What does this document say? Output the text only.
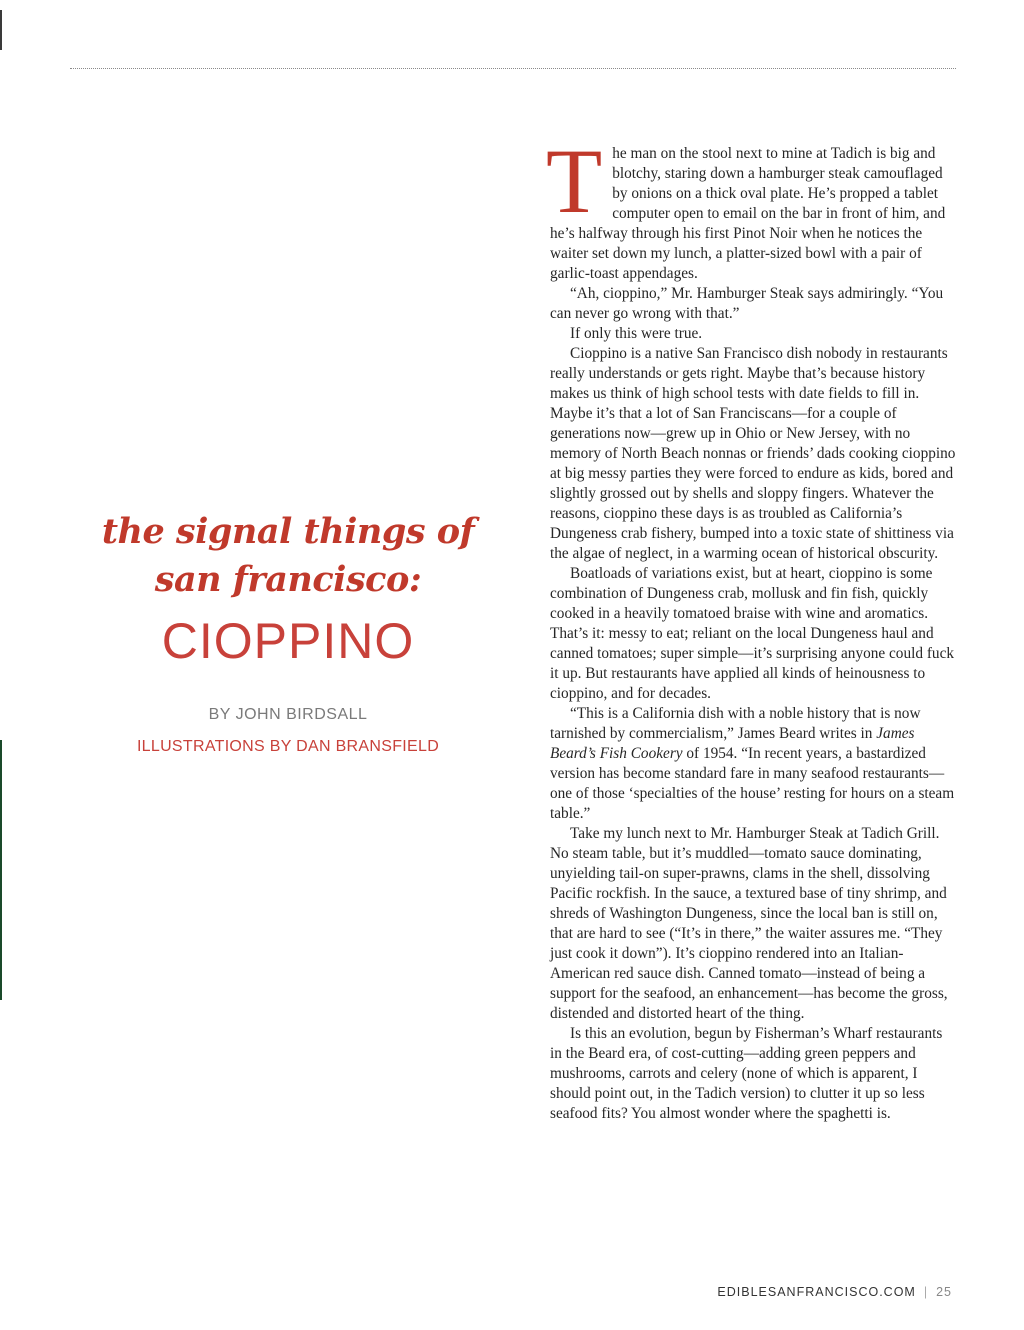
the signal things of
san francisco:
CIOPPINO
BY JOHN BIRDSALL
ILLUSTRATIONS BY DAN BRANSFIELD

The man on the stool next to mine at Tadich is big and blotchy, staring down a hamburger steak camouflaged by onions on a thick oval plate. He’s propped a tablet computer open to email on the bar in front of him, and he’s halfway through his first Pinot Noir when he notices the waiter set down my lunch, a platter-sized bowl with a pair of garlic-toast appendages.

“Ah, cioppino,” Mr. Hamburger Steak says admiringly. “You can never go wrong with that.”

If only this were true.

Cioppino is a native San Francisco dish nobody in restaurants really understands or gets right. Maybe that’s because history makes us think of high school tests with date fields to fill in. Maybe it’s that a lot of San Franciscans—for a couple of generations now—grew up in Ohio or New Jersey, with no memory of North Beach nonnas or friends’ dads cooking cioppino at big messy parties they were forced to endure as kids, bored and slightly grossed out by shells and sloppy fingers. Whatever the reasons, cioppino these days is as troubled as California’s Dungeness crab fishery, bumped into a toxic state of shittiness via the algae of neglect, in a warming ocean of historical obscurity.

Boatloads of variations exist, but at heart, cioppino is some combination of Dungeness crab, mollusk and fin fish, quickly cooked in a heavily tomatoed braise with wine and aromatics. That’s it: messy to eat; reliant on the local Dungeness haul and canned tomatoes; super simple—it’s surprising anyone could fuck it up. But restaurants have applied all kinds of heinousness to cioppino, and for decades.

“This is a California dish with a noble history that is now tarnished by commercialism,” James Beard writes in James Beard’s Fish Cookery of 1954. “In recent years, a bastardized version has become standard fare in many seafood restaurants—one of those ‘specialties of the house’ resting for hours on a steam table.”

Take my lunch next to Mr. Hamburger Steak at Tadich Grill. No steam table, but it’s muddled—tomato sauce dominating, unyielding tail-on super-prawns, clams in the shell, dissolving Pacific rockfish. In the sauce, a textured base of tiny shrimp, and shreds of Washington Dungeness, since the local ban is still on, that are hard to see (“It’s in there,” the waiter assures me. “They just cook it down”). It’s cioppino rendered into an Italian-American red sauce dish. Canned tomato—instead of being a support for the seafood, an enhancement—has become the gross, distended and distorted heart of the thing.

Is this an evolution, begun by Fisherman’s Wharf restaurants in the Beard era, of cost-cutting—adding green peppers and mushrooms, carrots and celery (none of which is apparent, I should point out, in the Tadich version) to clutter it up so less seafood fits? You almost wonder where the spaghetti is.

EDIBLESANFRANCISCO.COM | 25
